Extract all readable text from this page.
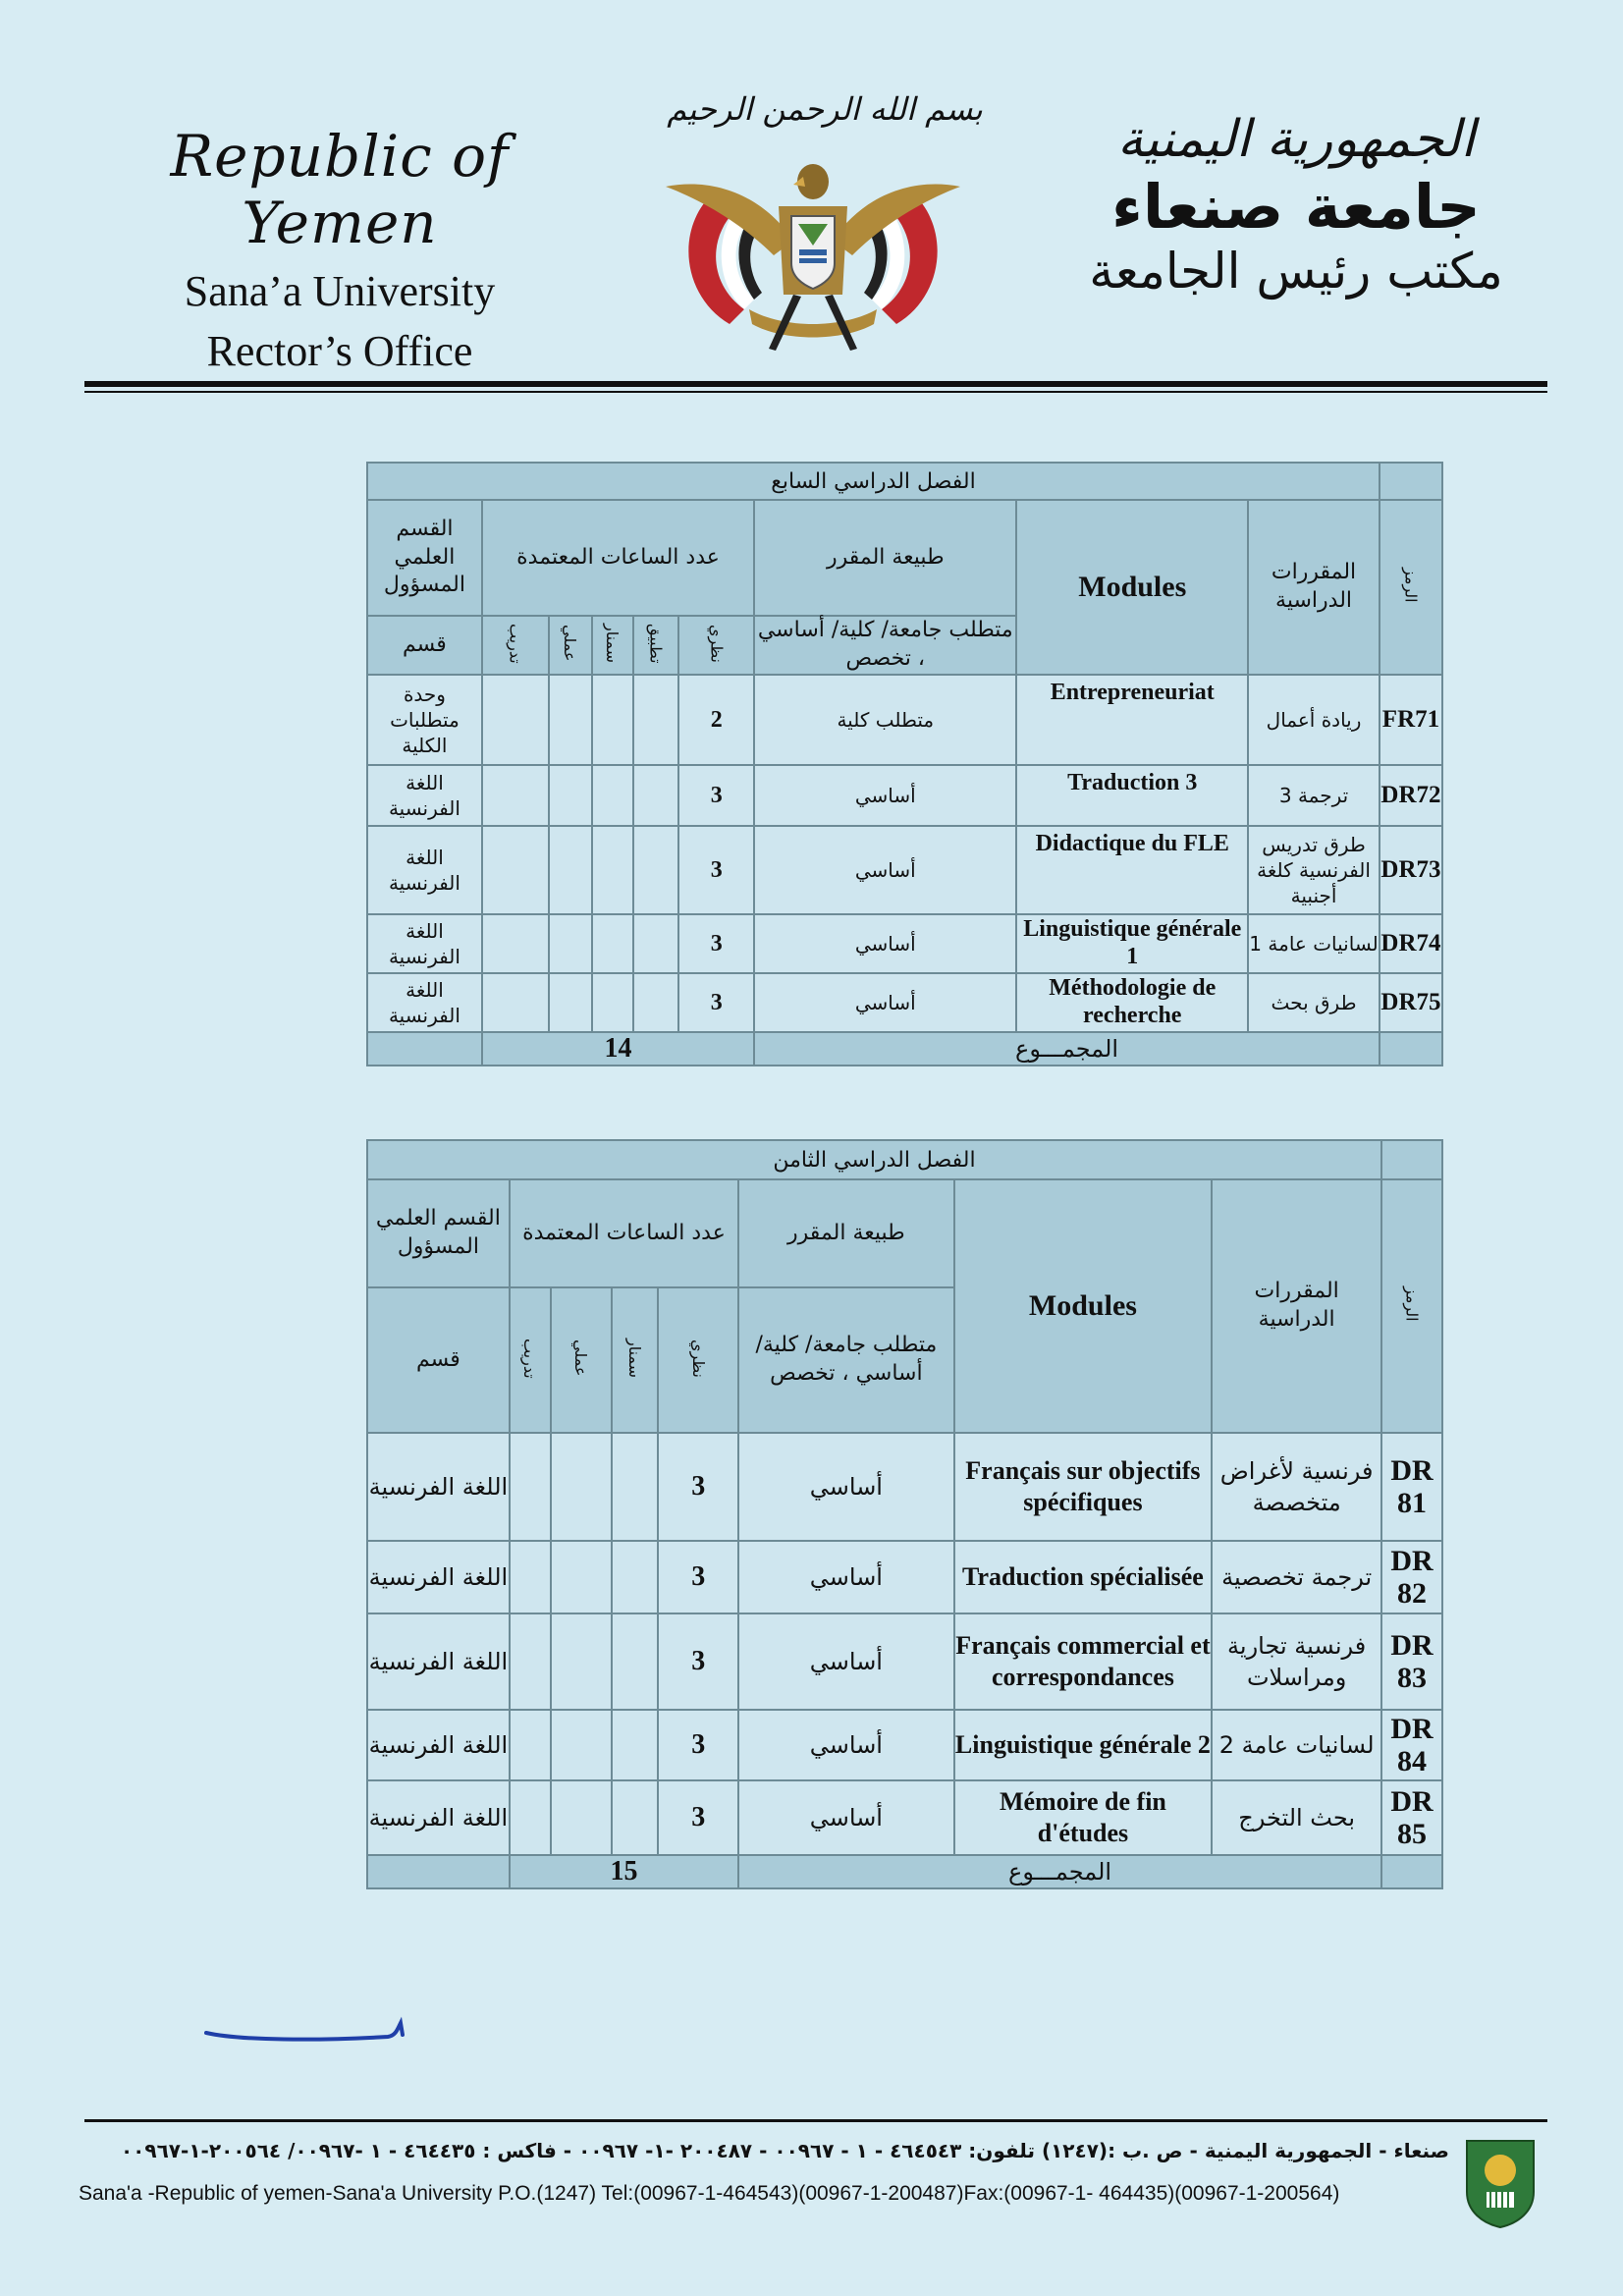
Republic of Yemen
Sana’a University
Rector’s Office
بسم الله الرحمن الرحيم
الجمهورية اليمنية
جامعة صنعاء
مكتب رئيس الجامعة
الفصل الدراسي السابع									
القسم العلمي المسؤول	عدد الساعات المعتمدة					طبيعة المقرر	Modules	المقررات الدراسية	الرمز
قسم	تدريب	عملي	سمنار	تطبيق	نظري	متطلب جامعة/ كلية/ أساسي ، تخصص			
وحدة متطلبات الكلية					2	متطلب كلية	Entrepreneuriat	ريادة أعمال	FR71
اللغة الفرنسية					3	أساسي	Traduction 3	ترجمة 3	DR72
اللغة الفرنسية					3	أساسي	Didactique du FLE	طرق تدريس الفرنسية كلغة أجنبية	DR73
اللغة الفرنسية					3	أساسي	Linguistique générale 1	لسانيات عامة 1	DR74
اللغة الفرنسية					3	أساسي	Méthodologie de recherche	طرق بحث	DR75
	14					المجمـــوع			
الفصل الدراسي الثامن								
القسم العلمي المسؤول	عدد الساعات المعتمدة				طبيعة المقرر	Modules	المقررات الدراسية	الرمز
قسم	تدريب	عملي	سمنار	نظري	متطلب جامعة/ كلية/ أساسي ، تخصص			
اللغة الفرنسية				3	أساسي	Français sur objectifs spécifiques	فرنسية لأغراض متخصصة	DR 81
اللغة الفرنسية				3	أساسي	Traduction spécialisée	ترجمة تخصصية	DR 82
اللغة الفرنسية				3	أساسي	Français commercial et correspondances	فرنسية تجارية ومراسلات	DR 83
اللغة الفرنسية				3	أساسي	Linguistique générale 2	لسانيات عامة 2	DR 84
اللغة الفرنسية				3	أساسي	Mémoire de fin d'études	بحث التخرج	DR 85
	15				المجمـــوع			
صنعاء - الجمهورية اليمنية - ص .ب :(١٢٤٧) تلفون: ٤٦٤٥٤٣ - ١ - ٠٠٩٦٧ - ٢٠٠٤٨٧ -١- ٠٠٩٦٧ - فاكس : ٤٦٤٤٣٥ - ١ -٠٠٩٦٧/ ٢٠٠٥٦٤-١-٠٠٩٦٧
Sana'a -Republic of yemen-Sana'a University P.O.(1247) Tel:(00967-1-464543)(00967-1-200487)Fax:(00967-1- 464435)(00967-1-200564)
